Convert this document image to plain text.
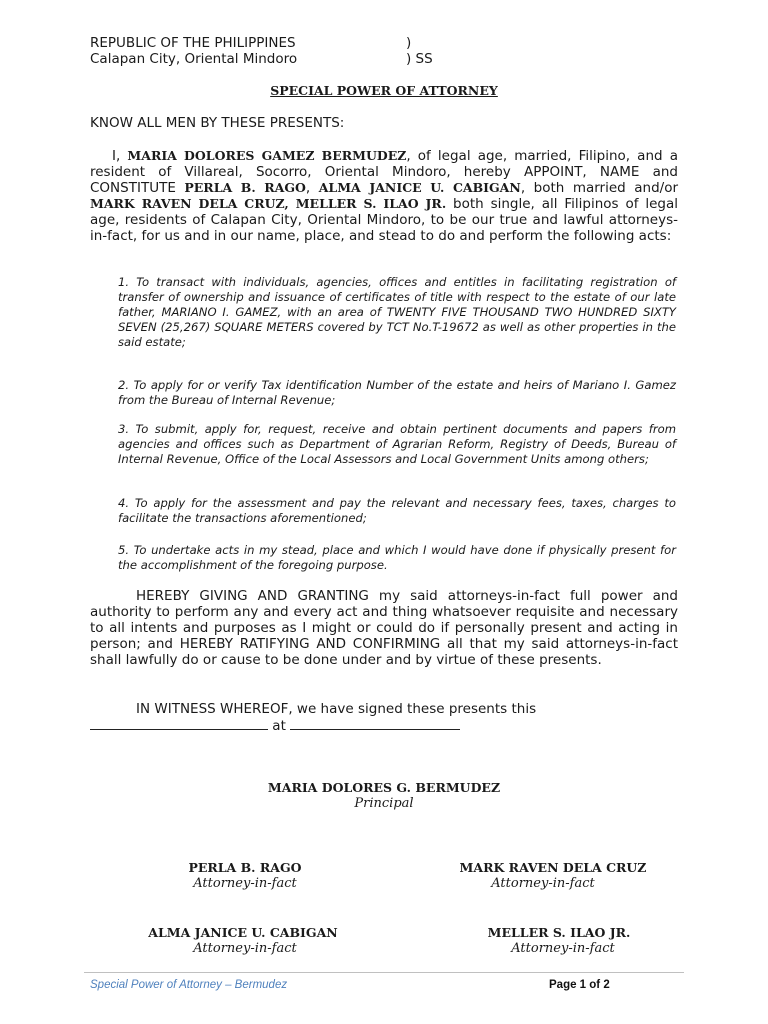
REPUBLIC OF THE PHILIPPINES	)
Calapan City, Oriental Mindoro	) SS
SPECIAL POWER OF ATTORNEY
KNOW ALL MEN BY THESE PRESENTS:
I, MARIA DOLORES GAMEZ BERMUDEZ, of legal age, married, Filipino, and a resident of Villareal, Socorro, Oriental Mindoro, hereby APPOINT, NAME and CONSTITUTE PERLA B. RAGO, ALMA JANICE U. CABIGAN, both married and/or MARK RAVEN DELA CRUZ, MELLER S. ILAO JR. both single, all Filipinos of legal age, residents of Calapan City, Oriental Mindoro, to be our true and lawful attorneys-in-fact, for us and in our name, place, and stead to do and perform the following acts:
1. To transact with individuals, agencies, offices and entitles in facilitating registration of transfer of ownership and issuance of certificates of title with respect to the estate of our late father, MARIANO I. GAMEZ, with an area of TWENTY FIVE THOUSAND TWO HUNDRED SIXTY SEVEN (25,267) SQUARE METERS covered by TCT No.T-19672 as well as other properties in the said estate;
2. To apply for or verify Tax identification Number of the estate and heirs of Mariano I. Gamez from the Bureau of Internal Revenue;
3. To submit, apply for, request, receive and obtain pertinent documents and papers from agencies and offices such as Department of Agrarian Reform, Registry of Deeds, Bureau of Internal Revenue, Office of the Local Assessors and Local Government Units among others;
4. To apply for the assessment and pay the relevant and necessary fees, taxes, charges to facilitate the transactions aforementioned;
5. To undertake acts in my stead, place and which I would have done if physically present for the accomplishment of the foregoing purpose.
HEREBY GIVING AND GRANTING my said attorneys-in-fact full power and authority to perform any and every act and thing whatsoever requisite and necessary to all intents and purposes as I might or could do if personally present and acting in person; and HEREBY RATIFYING AND CONFIRMING all that my said attorneys-in-fact shall lawfully do or cause to be done under and by virtue of these presents.
IN WITNESS WHEREOF, we have signed these presents this
at
MARIA DOLORES G. BERMUDEZ
Principal
PERLA B. RAGO
Attorney-in-fact
MARK RAVEN DELA CRUZ
Attorney-in-fact
ALMA JANICE U. CABIGAN
Attorney-in-fact
MELLER S. ILAO JR.
Attorney-in-fact
Special Power of Attorney – Bermudez	Page 1 of 2
